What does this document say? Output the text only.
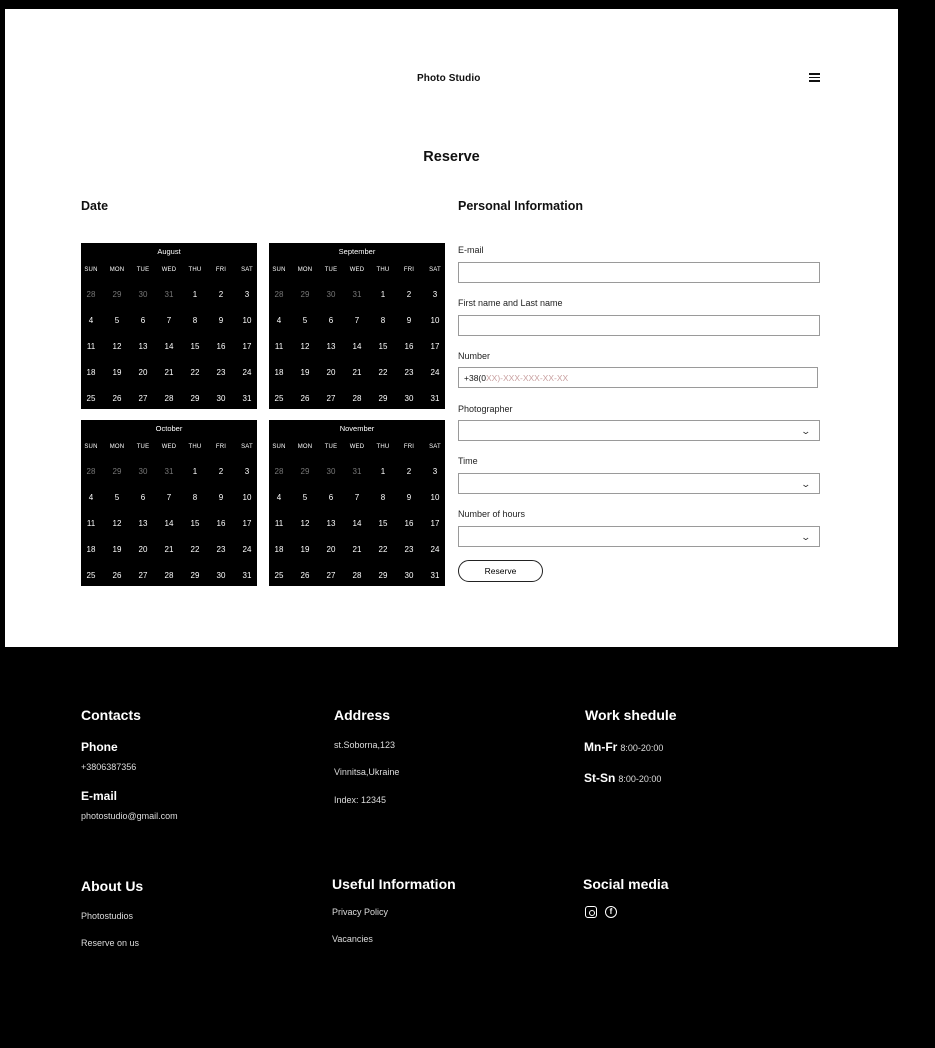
Photo Studio
Reserve
Date	Personal Information
August
SUN	MON	TUE	WED	THU	FRI	SAT
28	29	30	31	1	2	3
4	5	6	7	8	9	10
11	12	13	14	15	16	17
18	19	20	21	22	23	24
25	26	27	28	29	30	31
September
SUN	MON	TUE	WED	THU	FRI	SAT
28	29	30	31	1	2	3
4	5	6	7	8	9	10
11	12	13	14	15	16	17
18	19	20	21	22	23	24
25	26	27	28	29	30	31
October
SUN	MON	TUE	WED	THU	FRI	SAT
28	29	30	31	1	2	3
4	5	6	7	8	9	10
11	12	13	14	15	16	17
18	19	20	21	22	23	24
25	26	27	28	29	30	31
November
SUN	MON	TUE	WED	THU	FRI	SAT
28	29	30	31	1	2	3
4	5	6	7	8	9	10
11	12	13	14	15	16	17
18	19	20	21	22	23	24
25	26	27	28	29	30	31
E-mail
First name and Last name
Number
+38(0XX)-XXX-XXX-XX-XX
Photographer
⌄
Time
⌄
Number of hours
⌄
Reserve
Contacts
Phone
+3806387356
E-mail
photostudio@gmail.com
Address
st.Soborna,123
Vinnitsa,Ukraine
Index: 12345
Work shedule
Mn-Fr 8:00-20:00
St-Sn 8:00-20:00
About Us
Photostudios
Reserve on us
Useful Information
Privacy Policy
Vacancies
Social media
f
